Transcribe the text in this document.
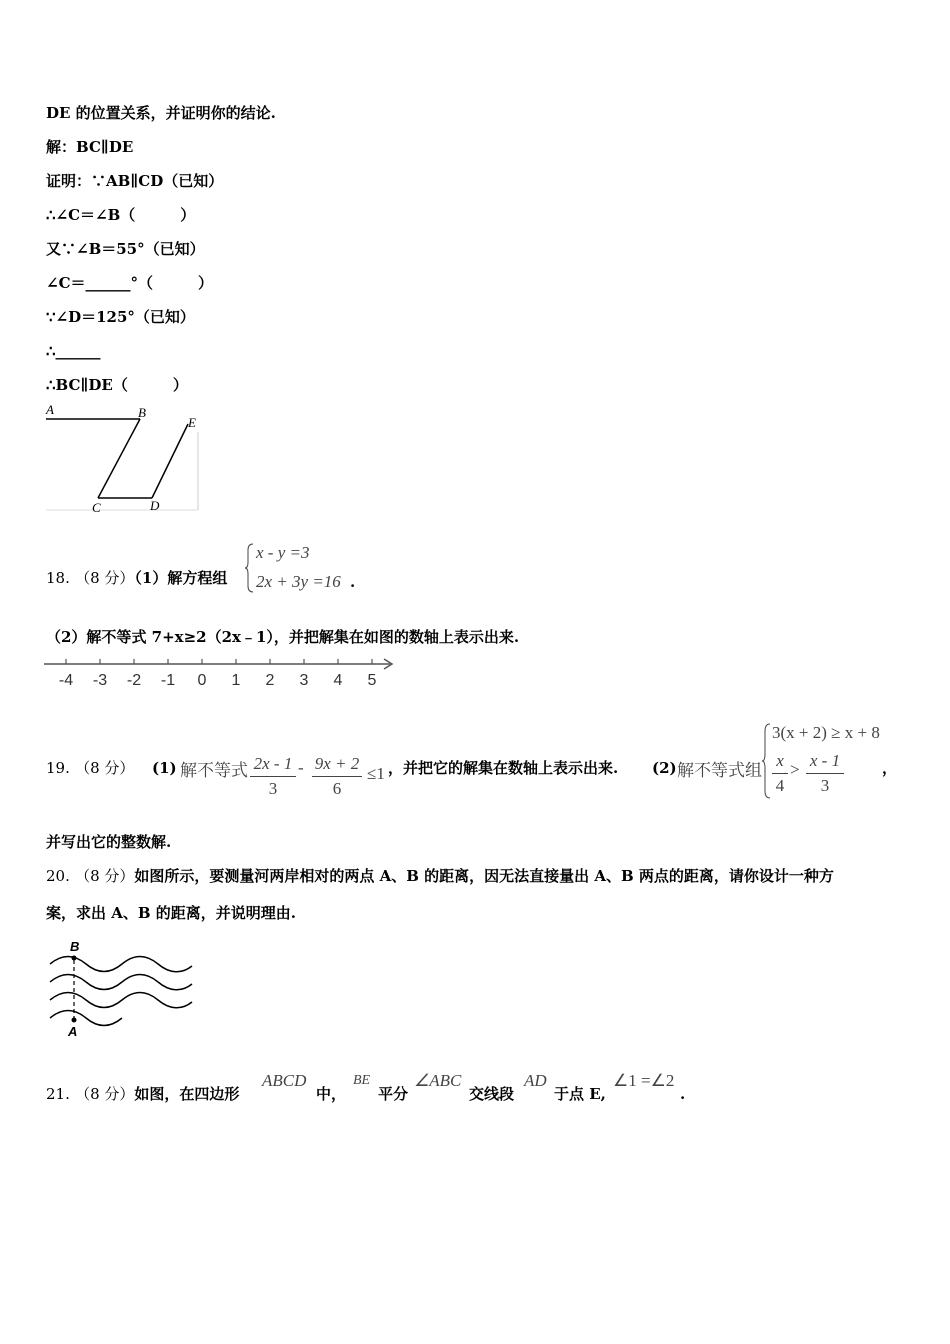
DE 的位置关系，并证明你的结论.
解：BC∥DE
证明：∵AB∥CD（已知）
∴∠C＝∠B（　　　）
又∵∠B＝55°（已知）
∠C＝______°（　　　）
∵∠D＝125°（已知）
∴______
∴BC∥DE（　　　）
A	B
C	D
E
18. （8 分）（1）解方程组
x - y =3
2x + 3y =16 .
（2）解不等式 7+x≥2（2x﹣1），并把解集在如图的数轴上表示出来.
-4 -3 -2 -1 0 1 2 3 4 5
19. （8 分） (1) 解不等式 2x - 1
3
- 9x + 2
6
≤1 ，并把它的解集在数轴上表示出来. (2) 解不等式组
3(x + 2) ≥ x + 8
x
4
> x - 1
3
，
并写出它的整数解.
20. （8 分）如图所示，要测量河两岸相对的两点 A、B 的距离，因无法直接量出 A、B 两点的距离，请你设计一种方
案，求出 A、B 的距离，并说明理由.
B
A
21. （8 分）如图，在四边形
ABCD
中，
BE
平分
∠ABC
交线段
AD
于点 E,
∠1 =∠2
.
